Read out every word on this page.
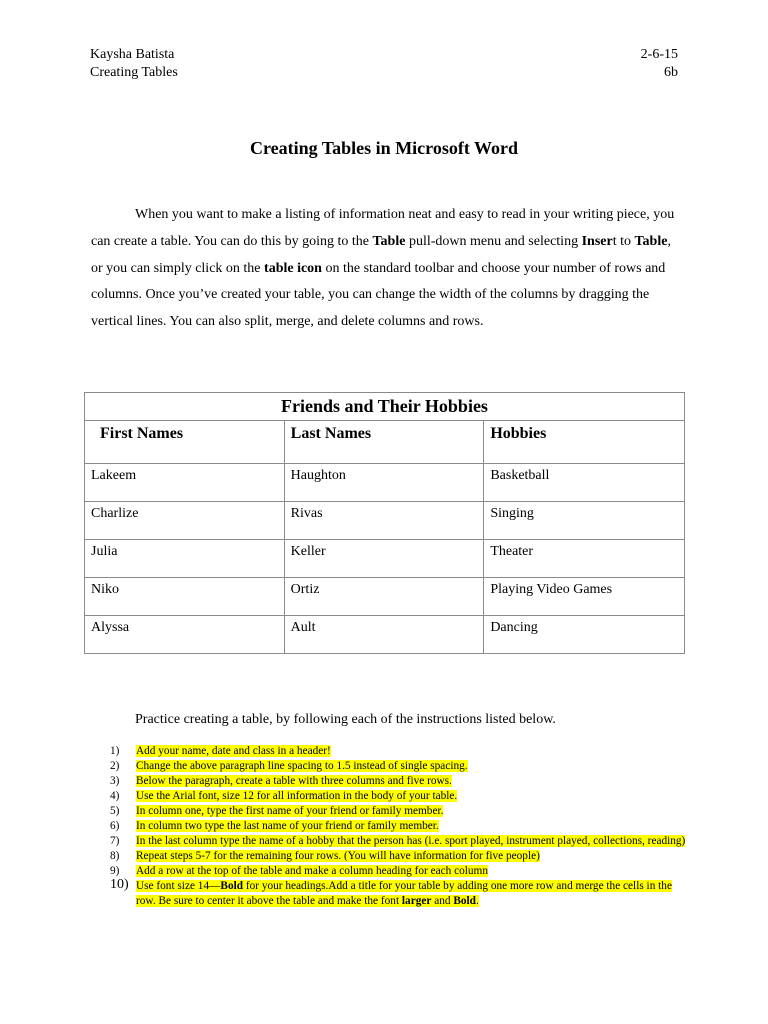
Kaysha Batista
Creating Tables
2-6-15
6b
Creating Tables in Microsoft Word
When you want to make a listing of information neat and easy to read in your writing piece, you can create a table. You can do this by going to the Table pull-down menu and selecting Insert to Table, or you can simply click on the table icon on the standard toolbar and choose your number of rows and columns. Once you’ve created your table, you can change the width of the columns by dragging the vertical lines. You can also split, merge, and delete columns and rows.
Friends and Their Hobbies		
First Names	Last Names	Hobbies
Lakeem	Haughton	Basketball
Charlize	Rivas	Singing
Julia	Keller	Theater
Niko	Ortiz	Playing Video Games
Alyssa	Ault	Dancing
Practice creating a table, by following each of the instructions listed below.
1)	Add your name, date and class in a header!
2)	Change the above paragraph line spacing to 1.5 instead of single spacing.
3)	Below the paragraph, create a table with three columns and five rows.
4)	Use the Arial font, size 12 for all information in the body of your table.
5)	In column one, type the first name of your friend or family member.
6)	In column two type the last name of your friend or family member.
7)	In the last column type the name of a hobby that the person has (i.e. sport played, instrument played, collections, reading)
8)	Repeat steps 5-7 for the remaining four rows. (You will have information for five people)
9)	Add a row at the top of the table and make a column heading for each column
10) Use font size 14—Bold for your headings.Add a title for your table by adding one more row and merge the cells in the row. Be sure to center it above the table and make the font larger and Bold.
